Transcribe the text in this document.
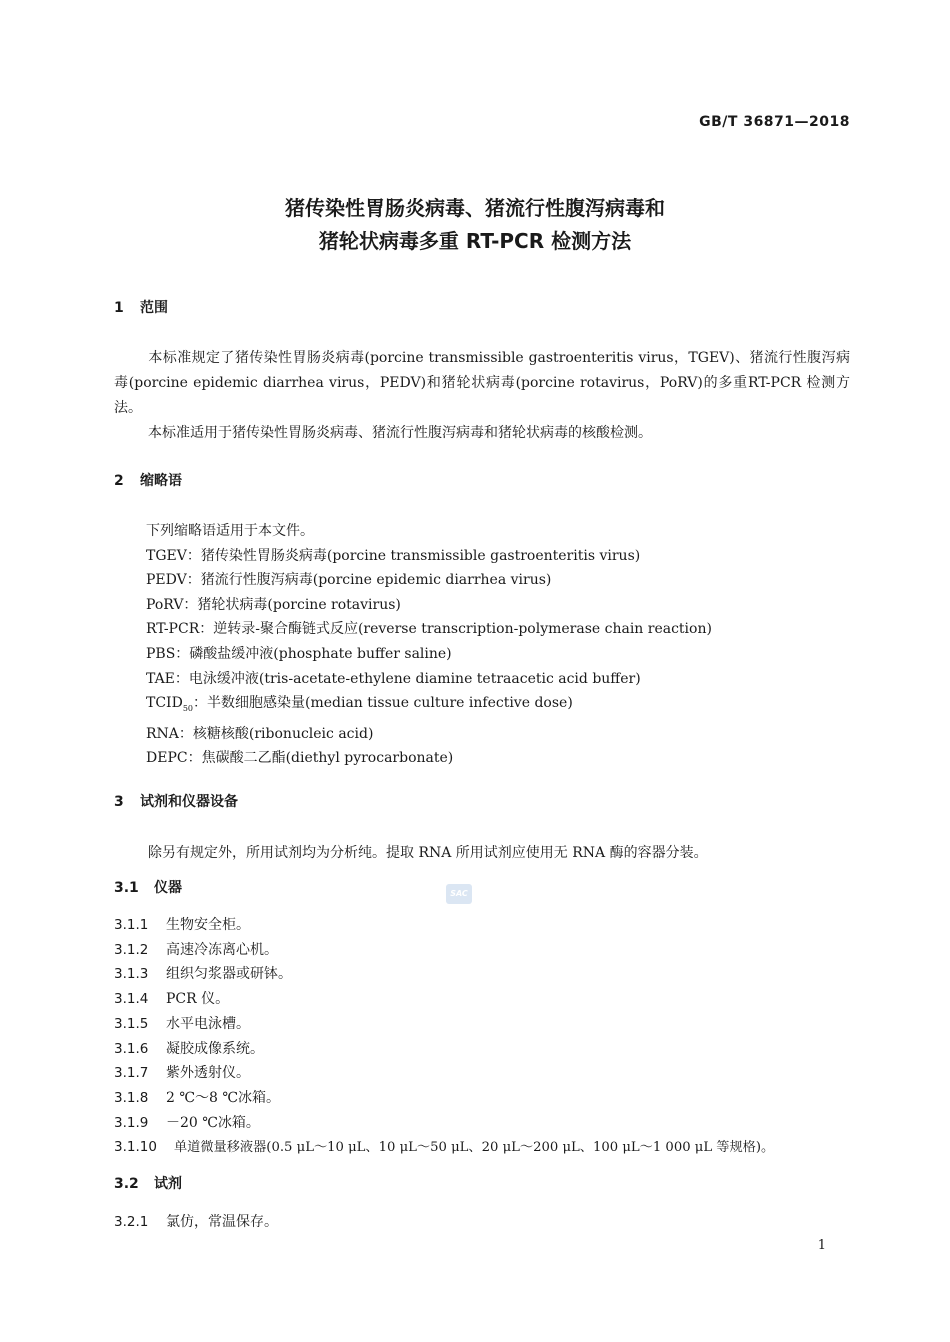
GB/T 36871—2018
猪传染性胃肠炎病毒、猪流行性腹泻病毒和
猪轮状病毒多重 RT-PCR 检测方法
1 范围
本标准规定了猪传染性胃肠炎病毒(porcine transmissible gastroenteritis virus，TGEV)、猪流行性腹泻病毒(porcine epidemic diarrhea virus，PEDV)和猪轮状病毒(porcine rotavirus，PoRV)的多重RT-PCR 检测方法。
本标准适用于猪传染性胃肠炎病毒、猪流行性腹泻病毒和猪轮状病毒的核酸检测。
2 缩略语
下列缩略语适用于本文件。
TGEV：猪传染性胃肠炎病毒(porcine transmissible gastroenteritis virus)
PEDV：猪流行性腹泻病毒(porcine epidemic diarrhea virus)
PoRV：猪轮状病毒(porcine rotavirus)
RT-PCR：逆转录-聚合酶链式反应(reverse transcription-polymerase chain reaction)
PBS：磷酸盐缓冲液(phosphate buffer saline)
TAE：电泳缓冲液(tris-acetate-ethylene diamine tetraacetic acid buffer)
$TCID_{50}$：半数细胞感染量(median tissue culture infective dose)
RNA：核糖核酸(ribonucleic acid)
DEPC：焦碳酸二乙酯(diethyl pyrocarbonate)
3 试剂和仪器设备
除另有规定外，所用试剂均为分析纯。提取 RNA 所用试剂应使用无 RNA 酶的容器分装。
3.1 仪器	SAC
3.1.1 生物安全柜。
3.1.2 高速冷冻离心机。
3.1.3 组织匀浆器或研钵。
3.1.4 PCR 仪。
3.1.5 水平电泳槽。
3.1.6 凝胶成像系统。
3.1.7 紫外透射仪。
3.1.8 2 ℃～8 ℃冰箱。
3.1.9 －20 ℃冰箱。
3.1.10 单道微量移液器(0.5 μL～10 μL、10 μL～50 μL、20 μL～200 μL、100 μL～1 000 μL 等规格)。
3.2 试剂
3.2.1 氯仿，常温保存。
1
